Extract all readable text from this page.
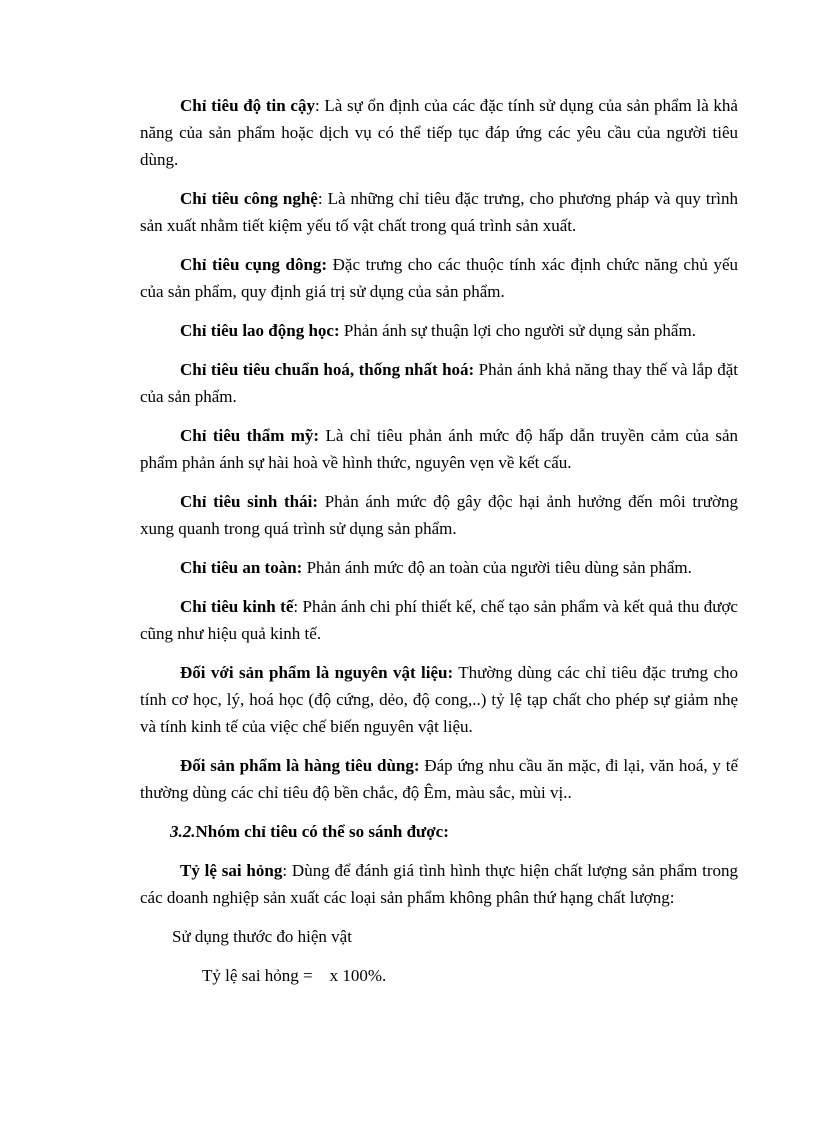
Chỉ tiêu độ tin cậy: Là sự ổn định của các đặc tính sử dụng của sản phẩm là khả năng của sản phẩm hoặc dịch vụ có thể tiếp tục đáp ứng các yêu cầu của người tiêu dùng.

Chỉ tiêu công nghệ: Là những chỉ tiêu đặc trưng, cho phương pháp và quy trình sản xuất nhằm tiết kiệm yếu tố vật chất trong quá trình sản xuất.

Chỉ tiêu cụng dông: Đặc trưng cho các thuộc tính xác định chức năng chủ yếu của sản phẩm, quy định giá trị sử dụng của sản phẩm.

Chỉ tiêu lao động học: Phản ánh sự thuận lợi cho người sử dụng sản phẩm.

Chỉ tiêu tiêu chuẩn hoá, thống nhất hoá: Phản ánh khả năng thay thế và lắp đặt của sản phẩm.

Chỉ tiêu thẩm mỹ: Là chỉ tiêu phản ánh mức độ hấp dẫn truyền cảm của sản phẩm phản ánh sự hài hoà về hình thức, nguyên vẹn về kết cấu.

Chỉ tiêu sinh thái: Phản ánh mức độ gây độc hại ảnh hưởng đến môi trường xung quanh trong quá trình sử dụng sản phẩm.

Chỉ tiêu an toàn: Phản ánh mức độ an toàn của người tiêu dùng sản phẩm.

Chỉ tiêu kinh tế: Phản ánh chi phí thiết kế, chế tạo sản phẩm và kết quả thu được cũng như hiệu quả kinh tế.

Đối với sản phẩm là nguyên vật liệu: Thường dùng các chỉ tiêu đặc trưng cho tính cơ học, lý, hoá học (độ cứng, dẻo, độ cong,..) tỷ lệ tạp chất cho phép sự giảm nhẹ và tính kinh tế của việc chế biến nguyên vật liệu.

Đối sản phẩm là hàng tiêu dùng: Đáp ứng nhu cầu ăn mặc, đi lại, văn hoá, y tế thường dùng các chỉ tiêu độ bền chắc, độ Êm, màu sắc, mùi vị..

3.2.Nhóm chỉ tiêu có thể so sánh được:

Tỷ lệ sai hỏng: Dùng để đánh giá tình hình thực hiện chất lượng sản phẩm trong các doanh nghiệp sản xuất các loại sản phẩm không phân thứ hạng chất lượng:

Sử dụng thước đo hiện vật

Tỷ lệ sai hỏng =    x 100%.
